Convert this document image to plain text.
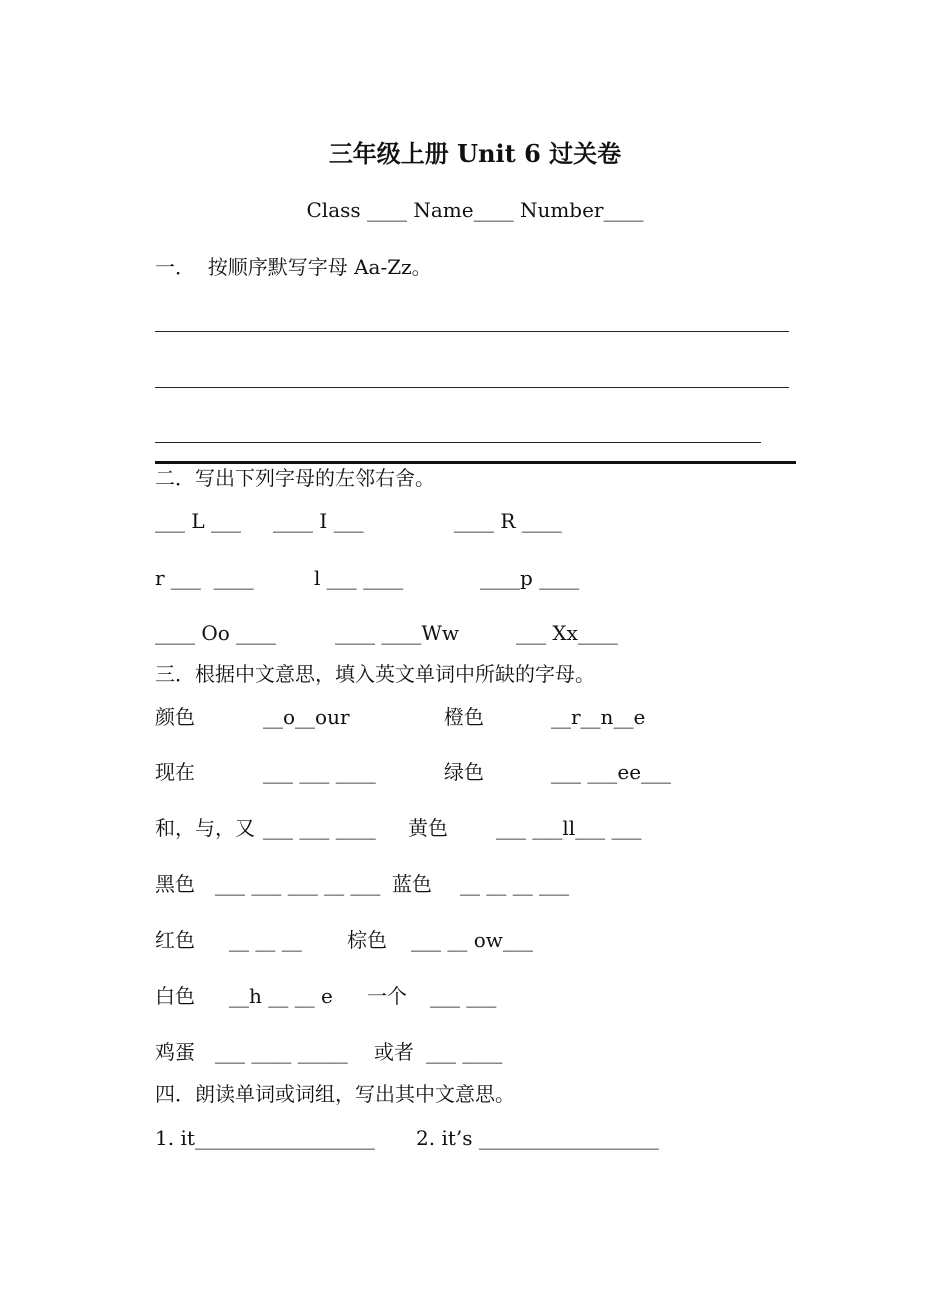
三年级上册 Unit 6 过关卷
Class ____ Name____ Number____
一．  按顺序默写字母 Aa-Zz。
二．写出下列字母的左邻右舍。
___ L ___ ____ I ___	____ R ____
r ___  ____	l ___ ____	____p ____
____ Oo ____	____ ____Ww	___ Xx____
三．根据中文意思，填入英文单词中所缺的字母。
颜色	__o__our	橙色	__r__n__e
现在	___ ___ ____	绿色	___ ___ee___
和，与，又 ___ ___ ____ 黄色 ___ ___ll___ ___
黑色 ___ ___ ___ __ ___ 蓝色 __ __ __ ___
红色 __ __ __ 棕色 ___ __ ow___
白色 __h __ __ e 一个 ___ ___
鸡蛋 ___ ____ _____ 或者 ___ ____
四．朗读单词或词组，写出其中文意思。
1. it__________________ 2. it’s __________________
